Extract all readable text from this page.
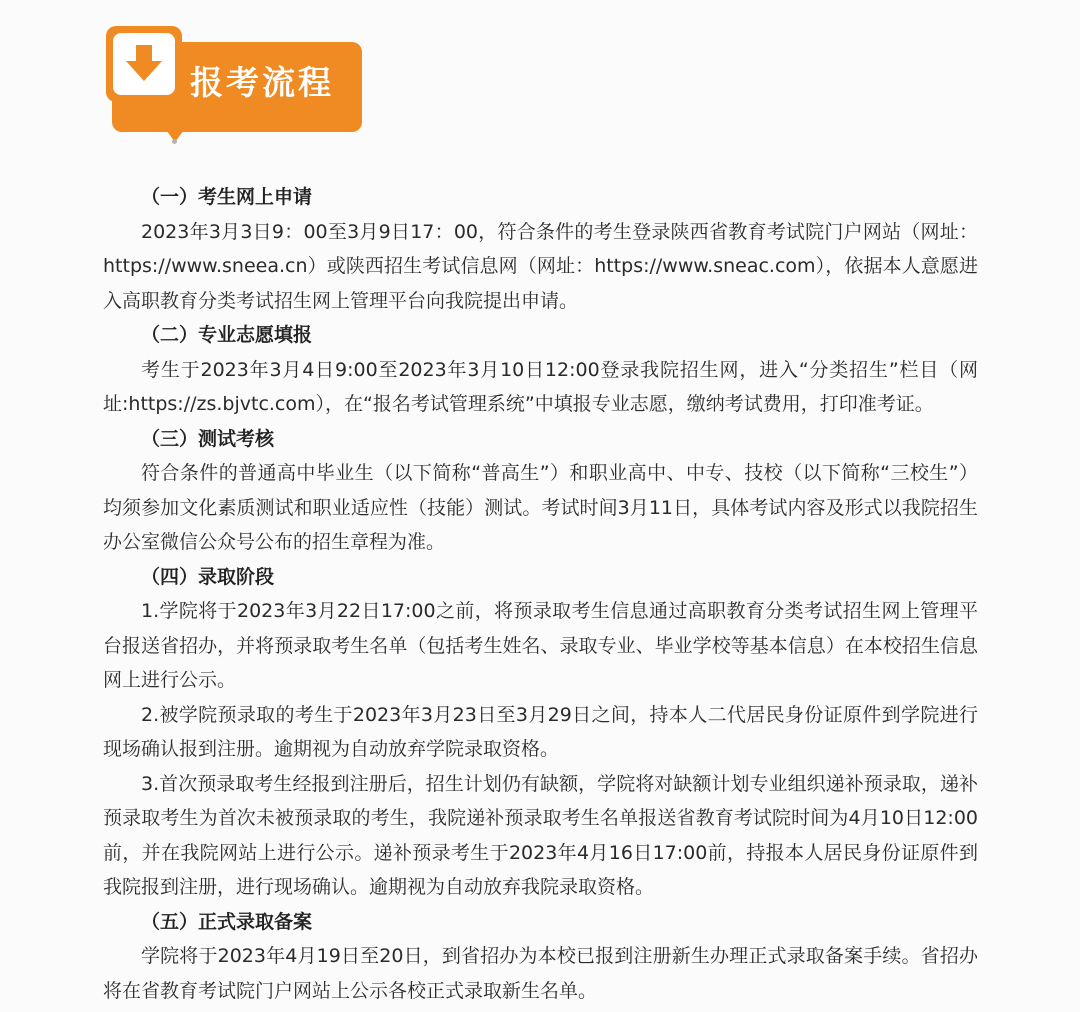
报考流程

（一）考生网上申请

2023年3月3日9：00至3月9日17：00，符合条件的考生登录陕西省教育考试院门户网站（网址：https://www.sneea.cn）或陕西招生考试信息网（网址：https://www.sneac.com），依据本人意愿进入高职教育分类考试招生网上管理平台向我院提出申请。

（二）专业志愿填报

考生于2023年3月4日9:00至2023年3月10日12:00登录我院招生网，进入“分类招生”栏目（网址:https://zs.bjvtc.com），在“报名考试管理系统”中填报专业志愿，缴纳考试费用，打印准考证。

（三）测试考核

符合条件的普通高中毕业生（以下简称“普高生”）和职业高中、中专、技校（以下简称“三校生”）均须参加文化素质测试和职业适应性（技能）测试。考试时间3月11日，具体考试内容及形式以我院招生办公室微信公众号公布的招生章程为准。

（四）录取阶段

1.学院将于2023年3月22日17:00之前，将预录取考生信息通过高职教育分类考试招生网上管理平台报送省招办，并将预录取考生名单（包括考生姓名、录取专业、毕业学校等基本信息）在本校招生信息网上进行公示。

2.被学院预录取的考生于2023年3月23日至3月29日之间，持本人二代居民身份证原件到学院进行现场确认报到注册。逾期视为自动放弃学院录取资格。

3.首次预录取考生经报到注册后，招生计划仍有缺额，学院将对缺额计划专业组织递补预录取，递补预录取考生为首次未被预录取的考生，我院递补预录取考生名单报送省教育考试院时间为4月10日12:00前，并在我院网站上进行公示。递补预录考生于2023年4月16日17:00前，持报本人居民身份证原件到我院报到注册，进行现场确认。逾期视为自动放弃我院录取资格。

（五）正式录取备案

学院将于2023年4月19日至20日，到省招办为本校已报到注册新生办理正式录取备案手续。省招办将在省教育考试院门户网站上公示各校正式录取新生名单。
